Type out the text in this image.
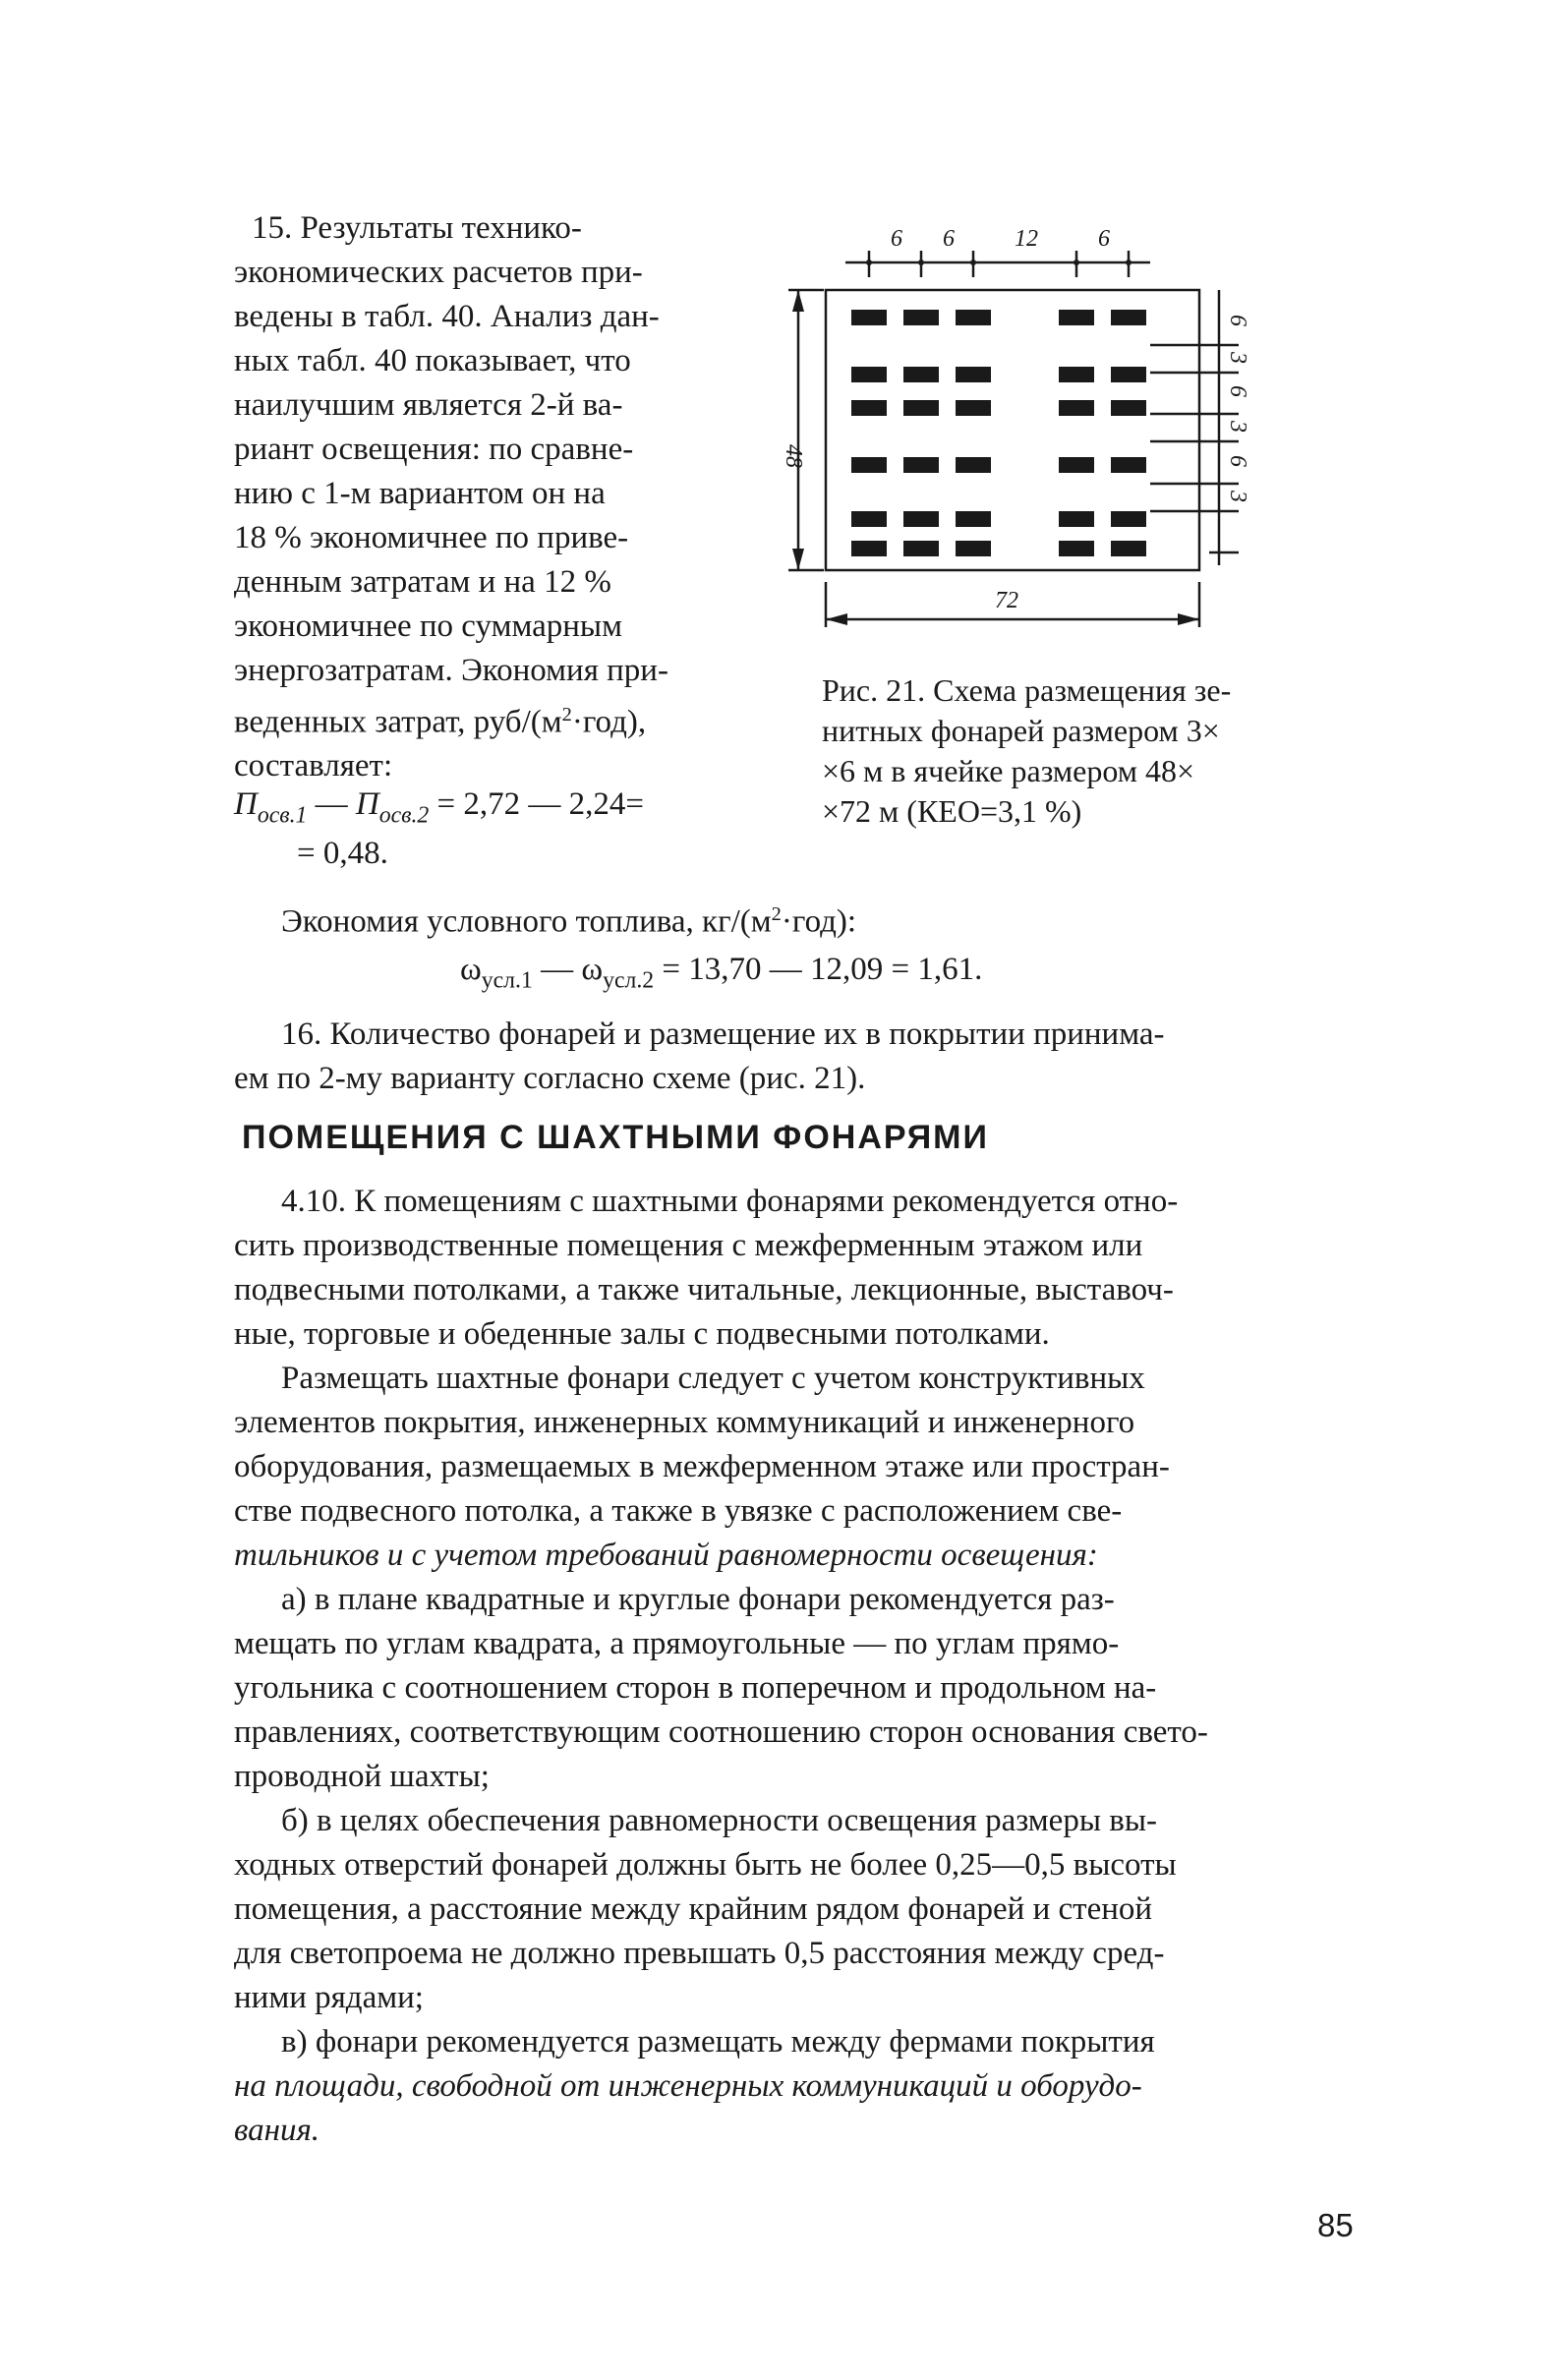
15. Результаты технико-

экономических расчетов при-

ведены в табл. 40. Анализ дан-

ных табл. 40 показывает, что

наилучшим является 2-й ва-

риант освещения: по сравне-

нию с 1-м вариантом он на

18 % экономичнее по приве-

денным затратам и на 12 %

экономичнее по суммарным

энергозатратам. Экономия при-

веденных затрат, руб/$(м^2\cdot год)$,

составляет:

$П_{осв.1}$ — $П_{осв.2} = 2,72$ — 2,24=
= 0,48.
6 6	12	6
48
72
6
3
6
3
6
3
Рис. 21. Схема размещения зе-
нитных фонарей размером 3×
×6 м в ячейке размером 48×
×72 м (КЕО=3,1 %)
Экономия условного топлива, $кг/(м^2\cdot год)$:
$\omega_{усл.1}$ — $\omega_{усл.2} = 13,70$ — 12,09 = 1,61.

16. Количество фонарей и размещение их в покрытии принима-

ем по 2-му варианту согласно схеме (рис. 21).

ПОМЕЩЕНИЯ С ШАХТНЫМИ ФОНАРЯМИ

4.10. К помещениям с шахтными фонарями рекомендуется отно-

сить производственные помещения с межферменным этажом или

подвесными потолками, а также читальные, лекционные, выставоч-

ные, торговые и обеденные залы с подвесными потолками.

Размещать шахтные фонари следует с учетом конструктивных

элементов покрытия, инженерных коммуникаций и инженерного

оборудования, размещаемых в межферменном этаже или простран-

стве подвесного потолка, а также в увязке с расположением све-

тильников и с учетом требований равномерности освещения:

а) в плане квадратные и круглые фонари рекомендуется раз-

мещать по углам квадрата, а прямоугольные — по углам прямо-

угольника с соотношением сторон в поперечном и продольном на-

правлениях, соответствующим соотношению сторон основания свето-

проводной шахты;

б) в целях обеспечения равномерности освещения размеры вы-

ходных отверстий фонарей должны быть не более 0,25—0,5 высоты

помещения, а расстояние между крайним рядом фонарей и стеной

для светопроема не должно превышать 0,5 расстояния между сред-

ними рядами;

в) фонари рекомендуется размещать между фермами покрытия

на площади, свободной от инженерных коммуникаций и оборудо-

вания.

85
